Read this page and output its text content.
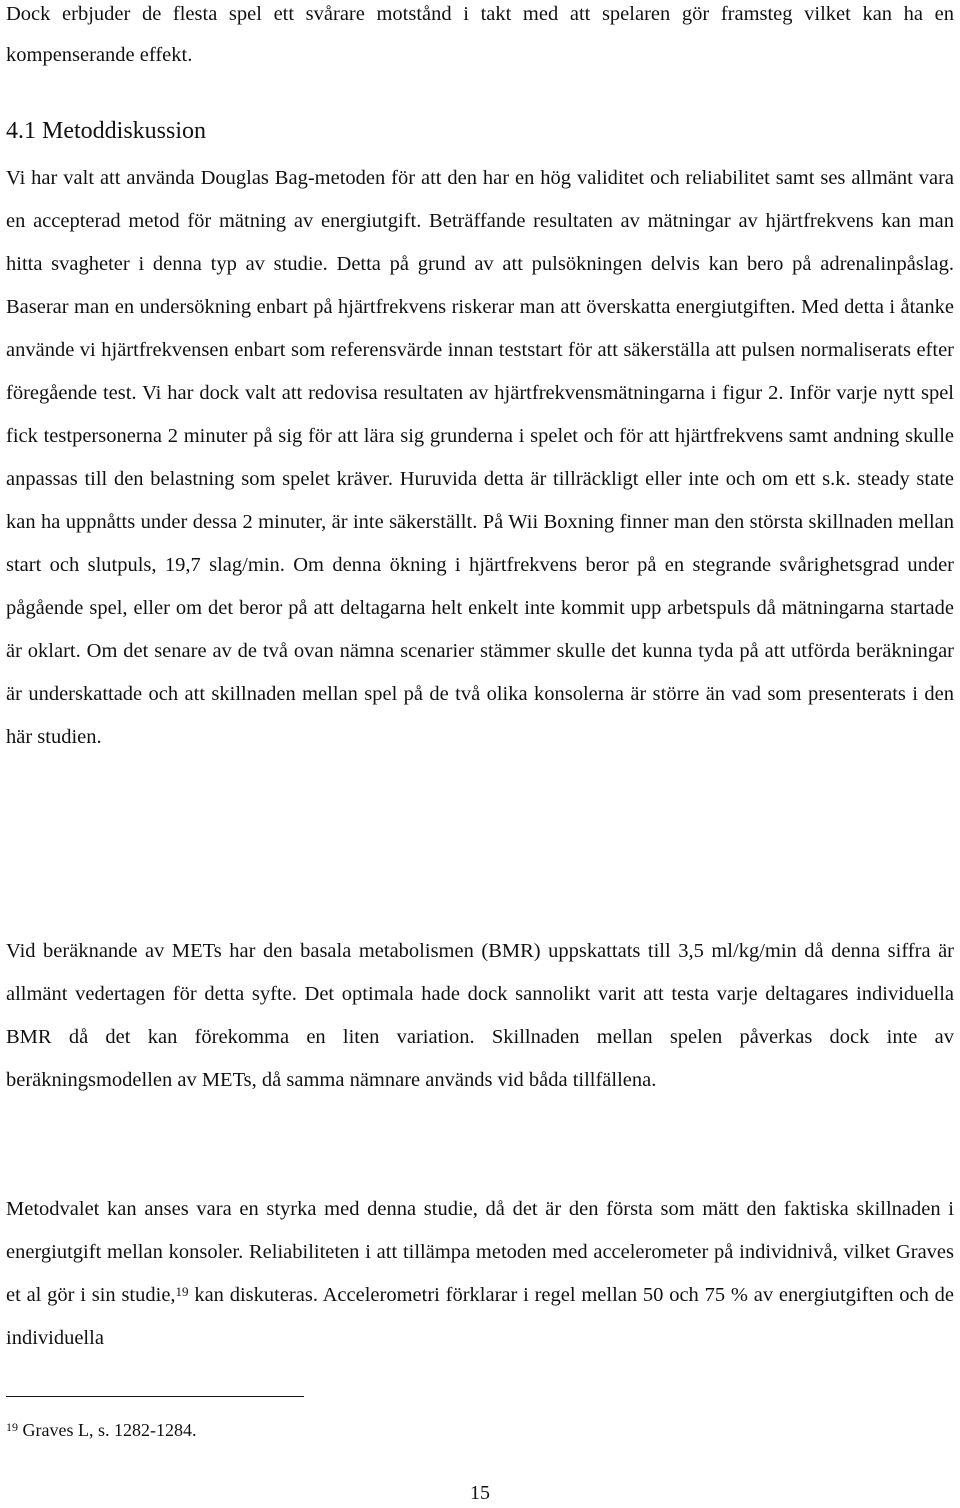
Dock erbjuder de flesta spel ett svårare motstånd i takt med att spelaren gör framsteg vilket kan ha en kompenserande effekt.

4.1 Metoddiskussion

Vi har valt att använda Douglas Bag-metoden för att den har en hög validitet och reliabilitet samt ses allmänt vara en accepterad metod för mätning av energiutgift. Beträffande resultaten av mätningar av hjärtfrekvens kan man hitta svagheter i denna typ av studie. Detta på grund av att pulsökningen delvis kan bero på adrenalinpåslag. Baserar man en undersökning enbart på hjärtfrekvens riskerar man att överskatta energiutgiften. Med detta i åtanke använde vi hjärtfrekvensen enbart som referensvärde innan teststart för att säkerställa att pulsen normaliserats efter föregående test. Vi har dock valt att redovisa resultaten av hjärtfrekvensmätningarna i figur 2. Inför varje nytt spel fick testpersonerna 2 minuter på sig för att lära sig grunderna i spelet och för att hjärtfrekvens samt andning skulle anpassas till den belastning som spelet kräver. Huruvida detta är tillräckligt eller inte och om ett s.k. steady state kan ha uppnåtts under dessa 2 minuter, är inte säkerställt. På Wii Boxning finner man den största skillnaden mellan start och slutpuls, 19,7 slag/min. Om denna ökning i hjärtfrekvens beror på en stegrande svårighetsgrad under pågående spel, eller om det beror på att deltagarna helt enkelt inte kommit upp arbetspuls då mätningarna startade är oklart. Om det senare av de två ovan nämna scenarier stämmer skulle det kunna tyda på att utförda beräkningar är underskattade och att skillnaden mellan spel på de två olika konsolerna är större än vad som presenterats i den här studien.

Vid beräknande av METs har den basala metabolismen (BMR) uppskattats till 3,5 ml/kg/min då denna siffra är allmänt vedertagen för detta syfte. Det optimala hade dock sannolikt varit att testa varje deltagares individuella BMR då det kan förekomma en liten variation. Skillnaden mellan spelen påverkas dock inte av beräkningsmodellen av METs, då samma nämnare används vid båda tillfällena.

Metodvalet kan anses vara en styrka med denna studie, då det är den första som mätt den faktiska skillnaden i energiutgift mellan konsoler. Reliabiliteten i att tillämpa metoden med accelerometer på individnivå, vilket Graves et al gör i sin studie,$^{19}$ kan diskuteras. Accelerometri förklarar i regel mellan 50 och 75 % av energiutgiften och de individuella

$^{19}$ Graves L, s. 1282-1284.

15
